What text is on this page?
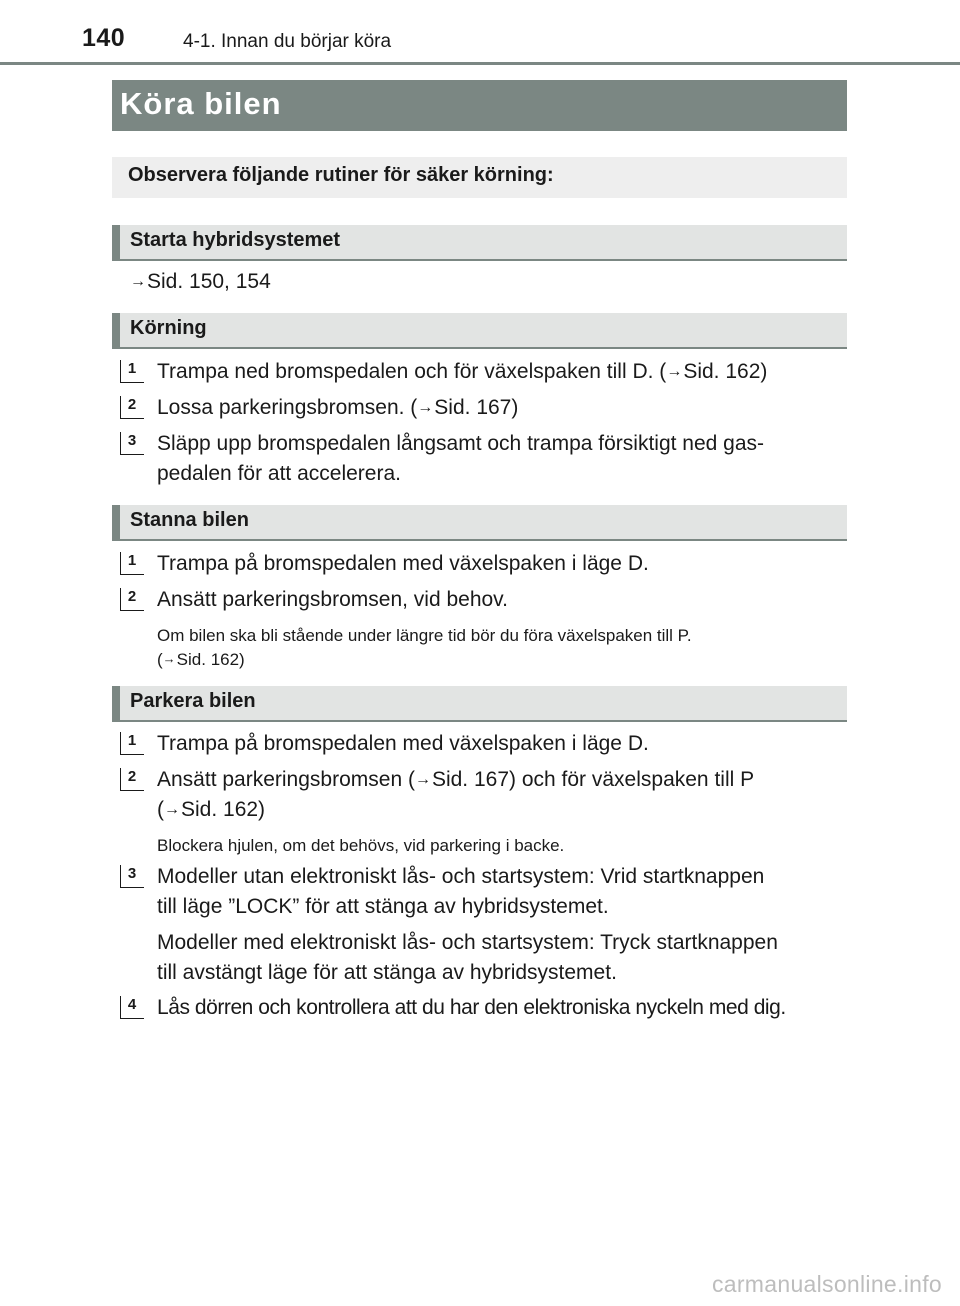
140	4-1. Innan du börjar köra
Köra bilen
Observera följande rutiner för säker körning:
Starta hybridsystemet
→Sid. 150, 154
Körning
1 Trampa ned bromspedalen och för växelspaken till D. (→Sid. 162)
2 Lossa parkeringsbromsen. (→Sid. 167)
3 Släpp upp bromspedalen långsamt och trampa försiktigt ned gas-
pedalen för att accelerera.
Stanna bilen
1 Trampa på bromspedalen med växelspaken i läge D.
2 Ansätt parkeringsbromsen, vid behov.
Om bilen ska bli stående under längre tid bör du föra växelspaken till P.
(→Sid. 162)
Parkera bilen
1 Trampa på bromspedalen med växelspaken i läge D.
2 Ansätt parkeringsbromsen (→Sid. 167) och för växelspaken till P
(→Sid. 162)
Blockera hjulen, om det behövs, vid parkering i backe.
3 Modeller utan elektroniskt lås- och startsystem: Vrid startknappen
till läge ”LOCK” för att stänga av hybridsystemet.
Modeller med elektroniskt lås- och startsystem: Tryck startknappen
till avstängt läge för att stänga av hybridsystemet.
4 Lås dörren och kontrollera att du har den elektroniska nyckeln med dig.
carmanualsonline.info
